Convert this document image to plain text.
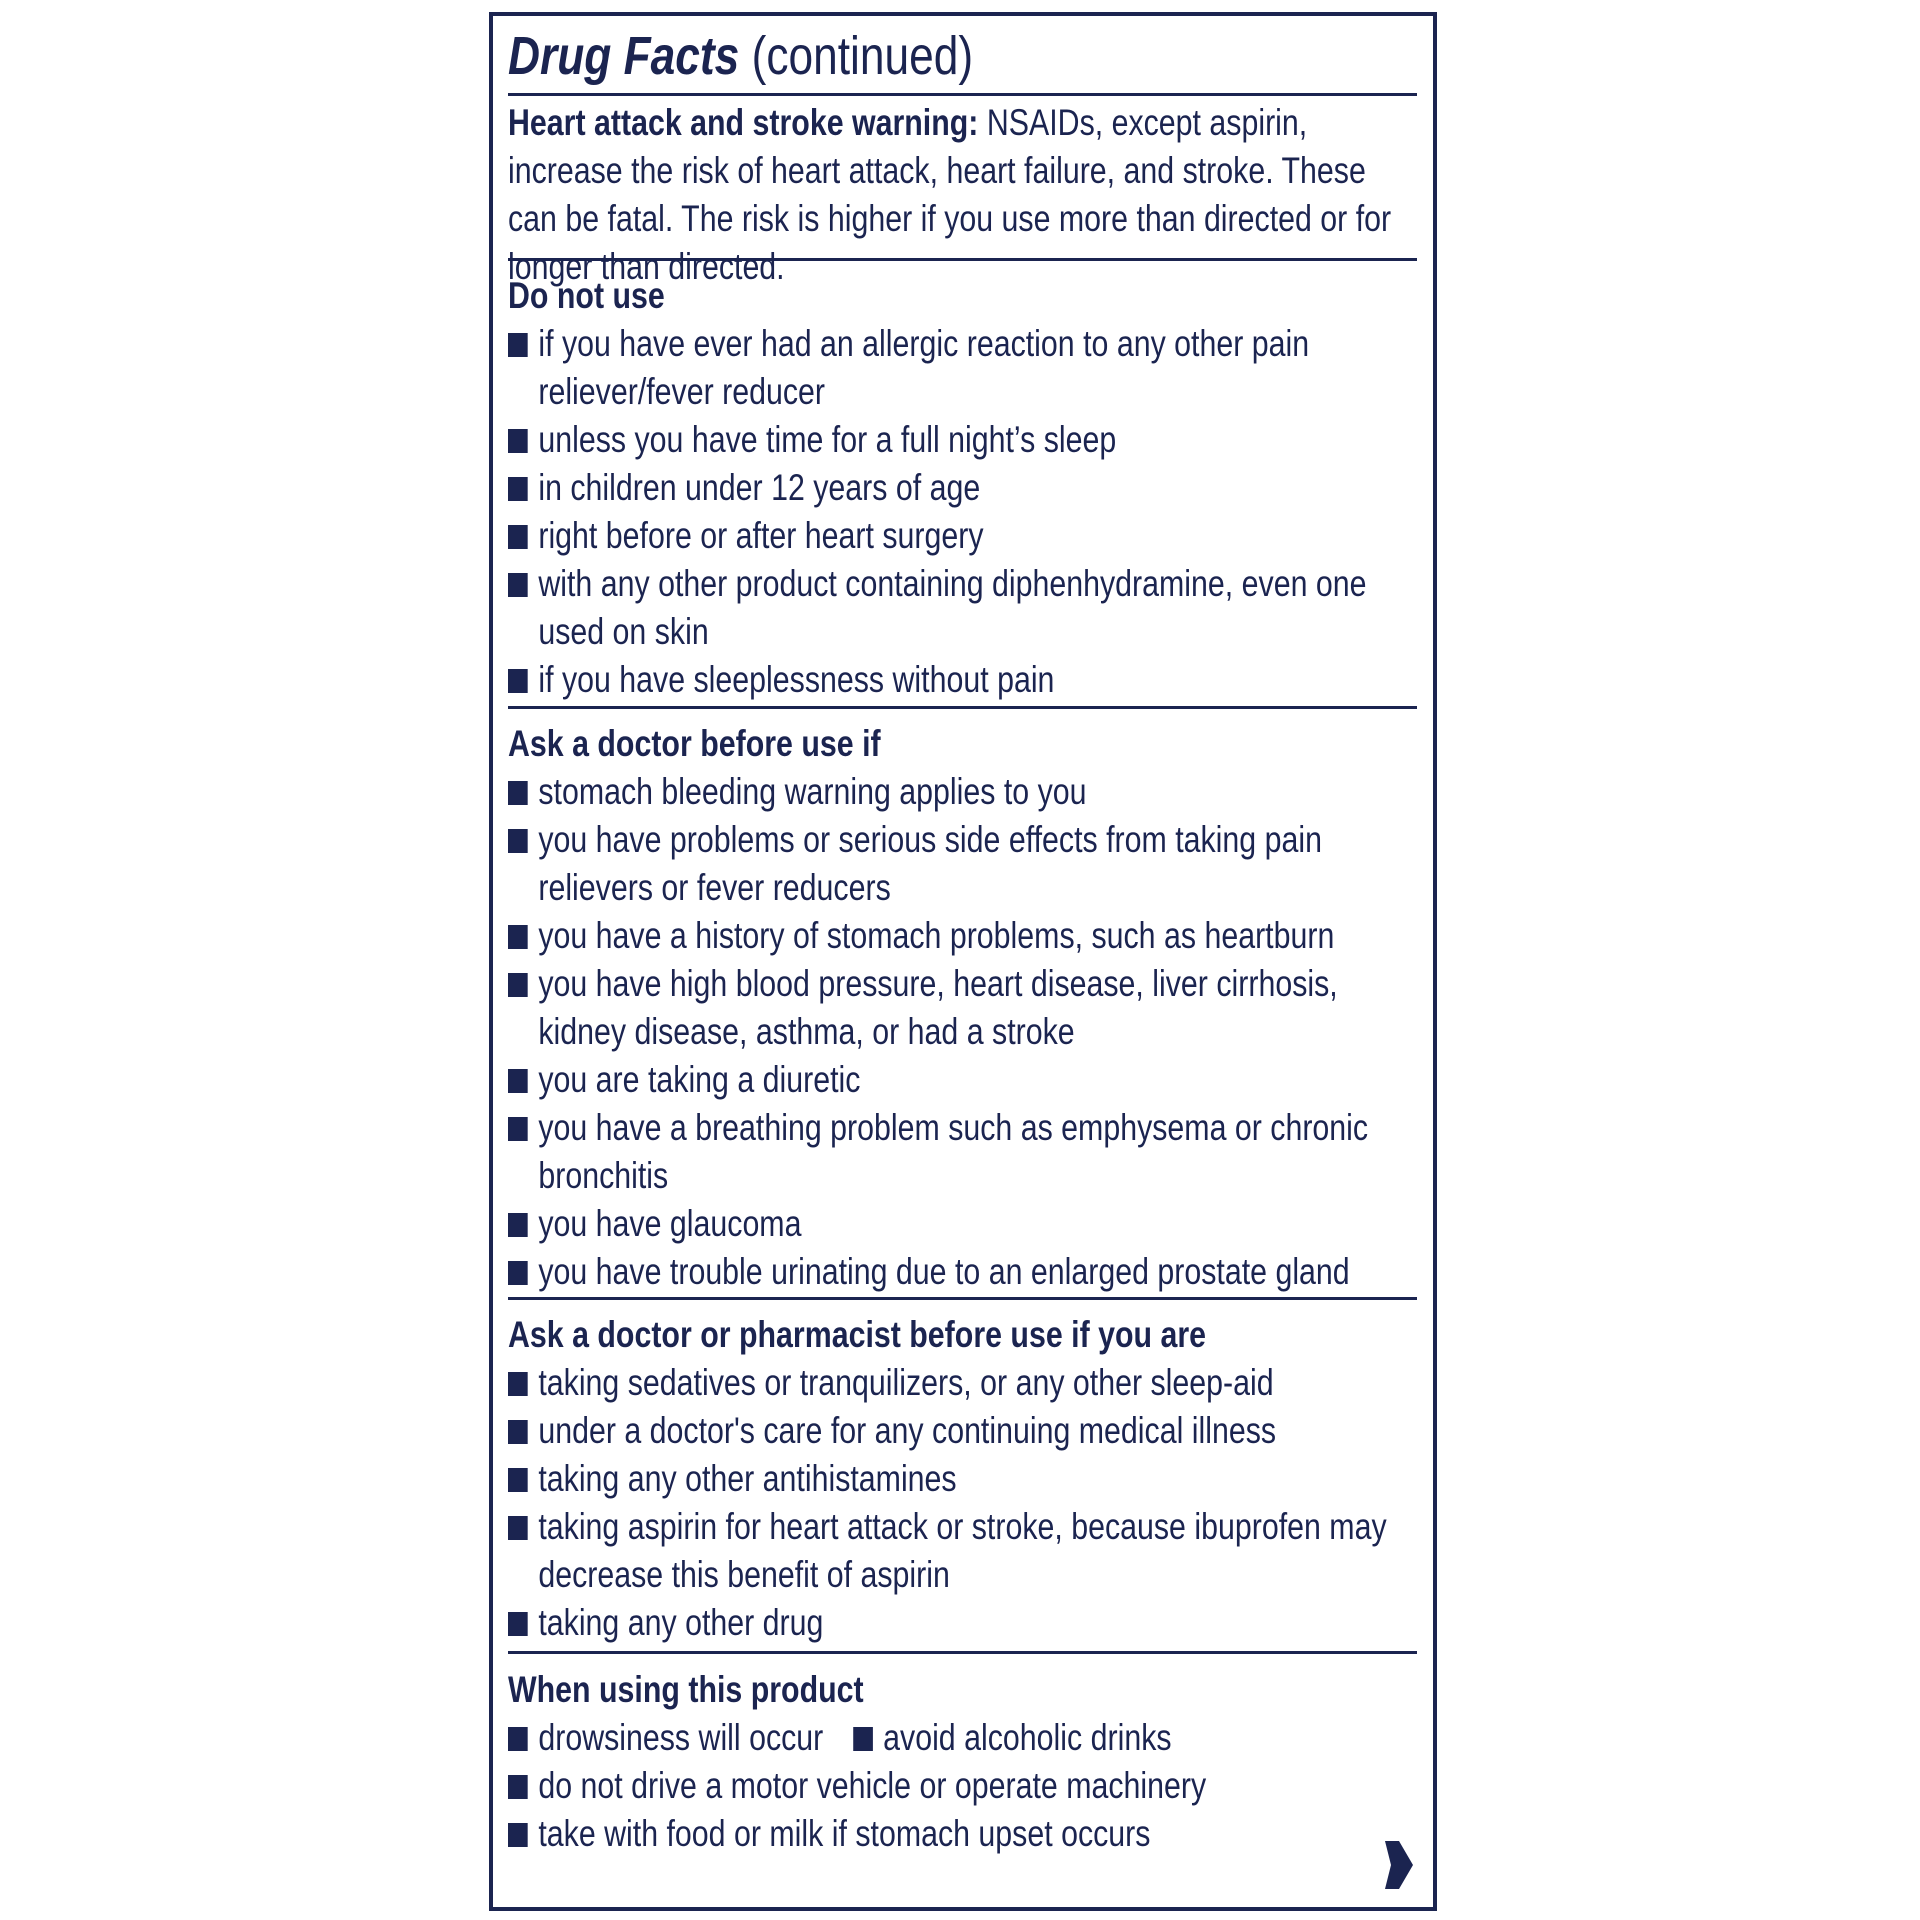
Drug Facts (continued)
Heart attack and stroke warning: NSAIDs, except aspirin, increase the risk of heart attack, heart failure, and stroke. These can be fatal. The risk is higher if you use more than directed or for longer than directed.
Do not use
if you have ever had an allergic reaction to any other pain reliever/fever reducer
unless you have time for a full night’s sleep
in children under 12 years of age
right before or after heart surgery
with any other product containing diphenhydramine, even one used on skin
if you have sleeplessness without pain
Ask a doctor before use if
stomach bleeding warning applies to you
you have problems or serious side effects from taking pain relievers or fever reducers
you have a history of stomach problems, such as heartburn
you have high blood pressure, heart disease, liver cirrhosis, kidney disease, asthma, or had a stroke
you are taking a diuretic
you have a breathing problem such as emphysema or chronic bronchitis
you have glaucoma
you have trouble urinating due to an enlarged prostate gland
Ask a doctor or pharmacist before use if you are
taking sedatives or tranquilizers, or any other sleep-aid
under a doctor's care for any continuing medical illness
taking any other antihistamines
taking aspirin for heart attack or stroke, because ibuprofen may decrease this benefit of aspirin
taking any other drug
When using this product
drowsiness will occur	avoid alcoholic drinks
do not drive a motor vehicle or operate machinery
take with food or milk if stomach upset occurs
